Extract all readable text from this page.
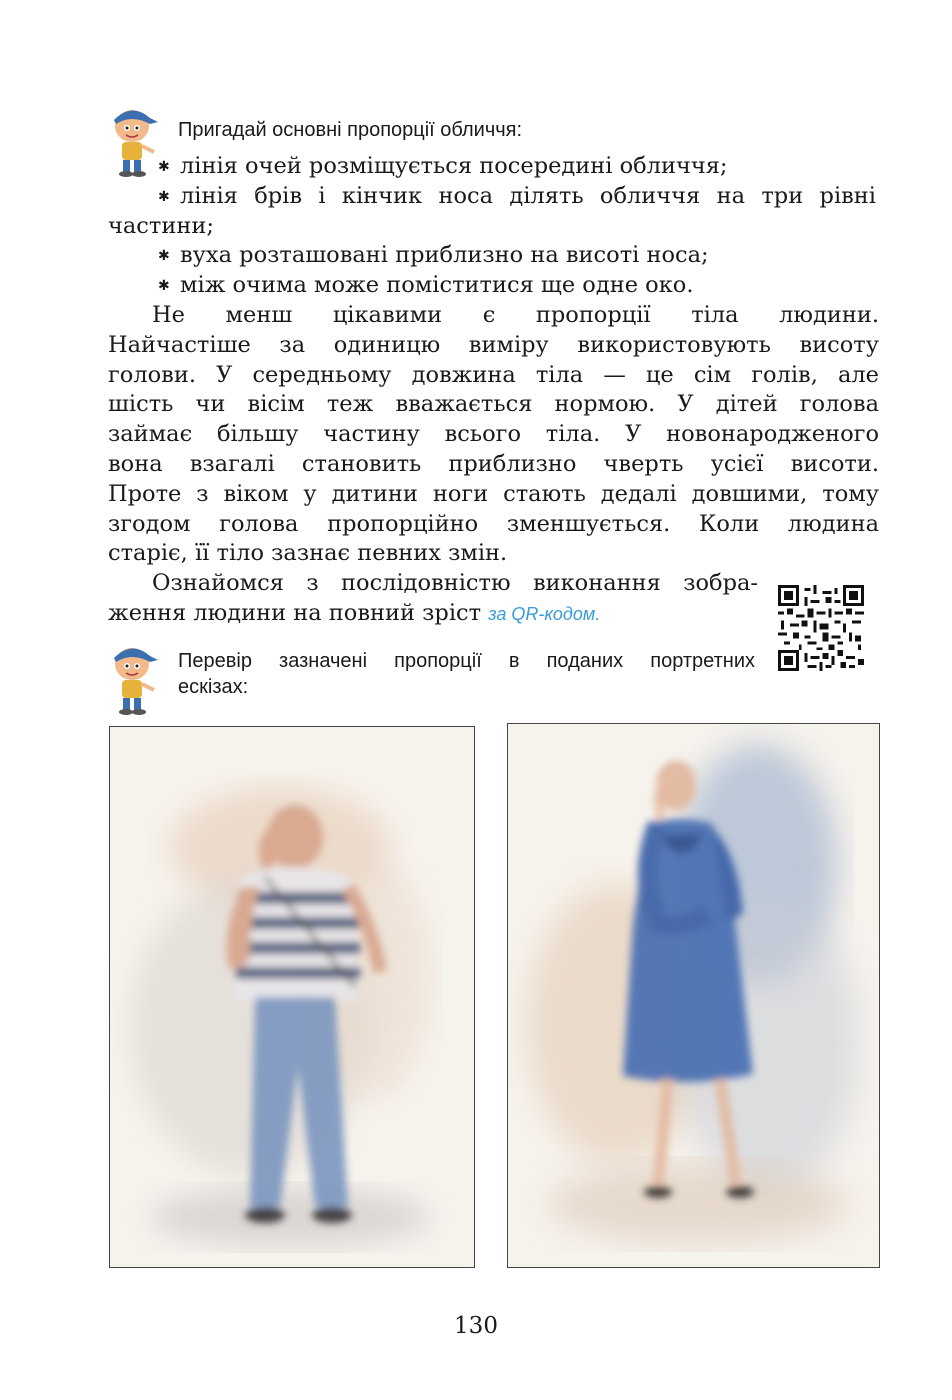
Пригадай основні пропорції обличчя:
✱ лінія очей розміщується посередині обличчя;
✱ лінія брів і кінчик носа ділять обличчя на три рівні
частини;
✱ вуха розташовані приблизно на висоті носа;
✱ між очима може поміститися ще одне око.
Не менш цікавими є пропорції тіла людини.
Найчастіше за одиницю виміру використовують висоту
голови. У середньому довжина тіла — це сім голів, але
шість чи вісім теж вважається нормою. У дітей голова
займає більшу частину всього тіла. У новонародженого
вона взагалі становить приблизно чверть усієї висоти.
Проте з віком у дитини ноги стають дедалі довшими, тому
згодом голова пропорційно зменшується. Коли людина
старіє, її тіло зазнає певних змін.
Ознайомся з послідовністю виконання зобра-
ження людини на повний зріст за QR-кодом.
Перевір зазначені пропорції в поданих портретних
ескізах:
130
